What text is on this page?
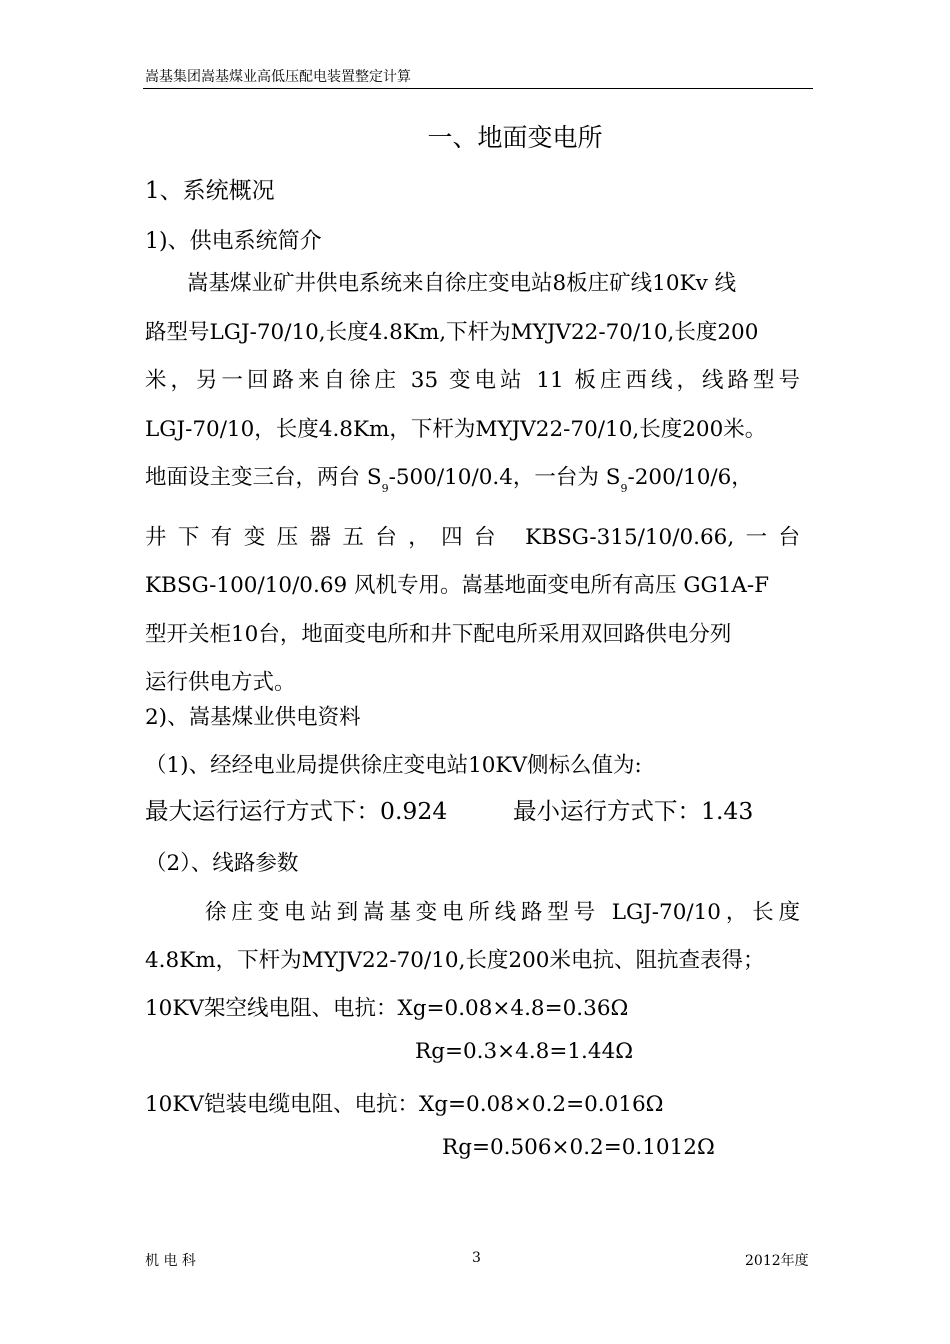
嵩基集团嵩基煤业高低压配电装置整定计算
一、地面变电所
1、系统概况
1)、供电系统简介
嵩基煤业矿井供电系统来自徐庄变电站8板庄矿线10Kv 线
路型号LGJ-70/10,长度4.8Km,下杆为MYJV22-70/10,长度200
米，另一回路来自徐庄 35 变电站 11 板庄西线，线路型号
LGJ-70/10，长度4.8Km，下杆为MYJV22-70/10,长度200米。
地面设主变三台，两台 $S_9-500/10/0.4$，一台为 $S_9-200/10/6$，
井下有变压器五台，四台 KBSG-315/10/0.66,一台
KBSG-100/10/0.69 风机专用。嵩基地面变电所有高压 GG1A-F
型开关柜10台，地面变电所和井下配电所采用双回路供电分列
运行供电方式。
2)、嵩基煤业供电资料
（1)、经经电业局提供徐庄变电站10KV侧标么值为:
最大运行运行方式下：0.924	最小运行方式下：1.43
（2）、线路参数
徐庄变电站到嵩基变电所线路型号 LGJ-70/10，长度
4.8Km，下杆为MYJV22-70/10,长度200米电抗、阻抗查表得；
10KV架空线电阻、电抗：Xg=0.08×4.8=0.36Ω
Rg=0.3×4.8=1.44Ω
10KV铠装电缆电阻、电抗：Xg=0.08×0.2=0.016Ω
Rg=0.506×0.2=0.1012Ω
机 电 科	3	2012年度
